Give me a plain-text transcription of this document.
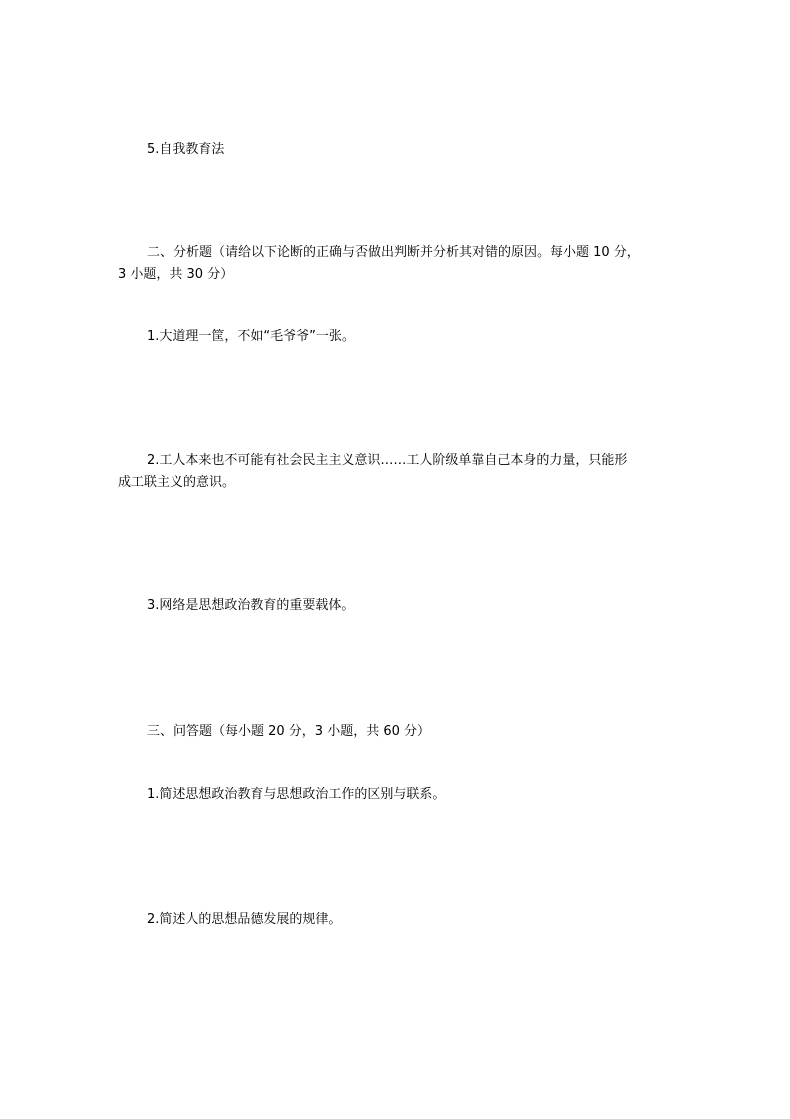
5.自我教育法
二、分析题（请给以下论断的正确与否做出判断并分析其对错的原因。每小题 10 分，
3 小题，共 30 分）
1.大道理一筐，不如“毛爷爷”一张。
2.工人本来也不可能有社会民主主义意识……工人阶级单靠自己本身的力量，只能形
成工联主义的意识。
3.网络是思想政治教育的重要载体。
三、问答题（每小题 20 分，3 小题，共 60 分）
1.简述思想政治教育与思想政治工作的区别与联系。
2.简述人的思想品德发展的规律。
